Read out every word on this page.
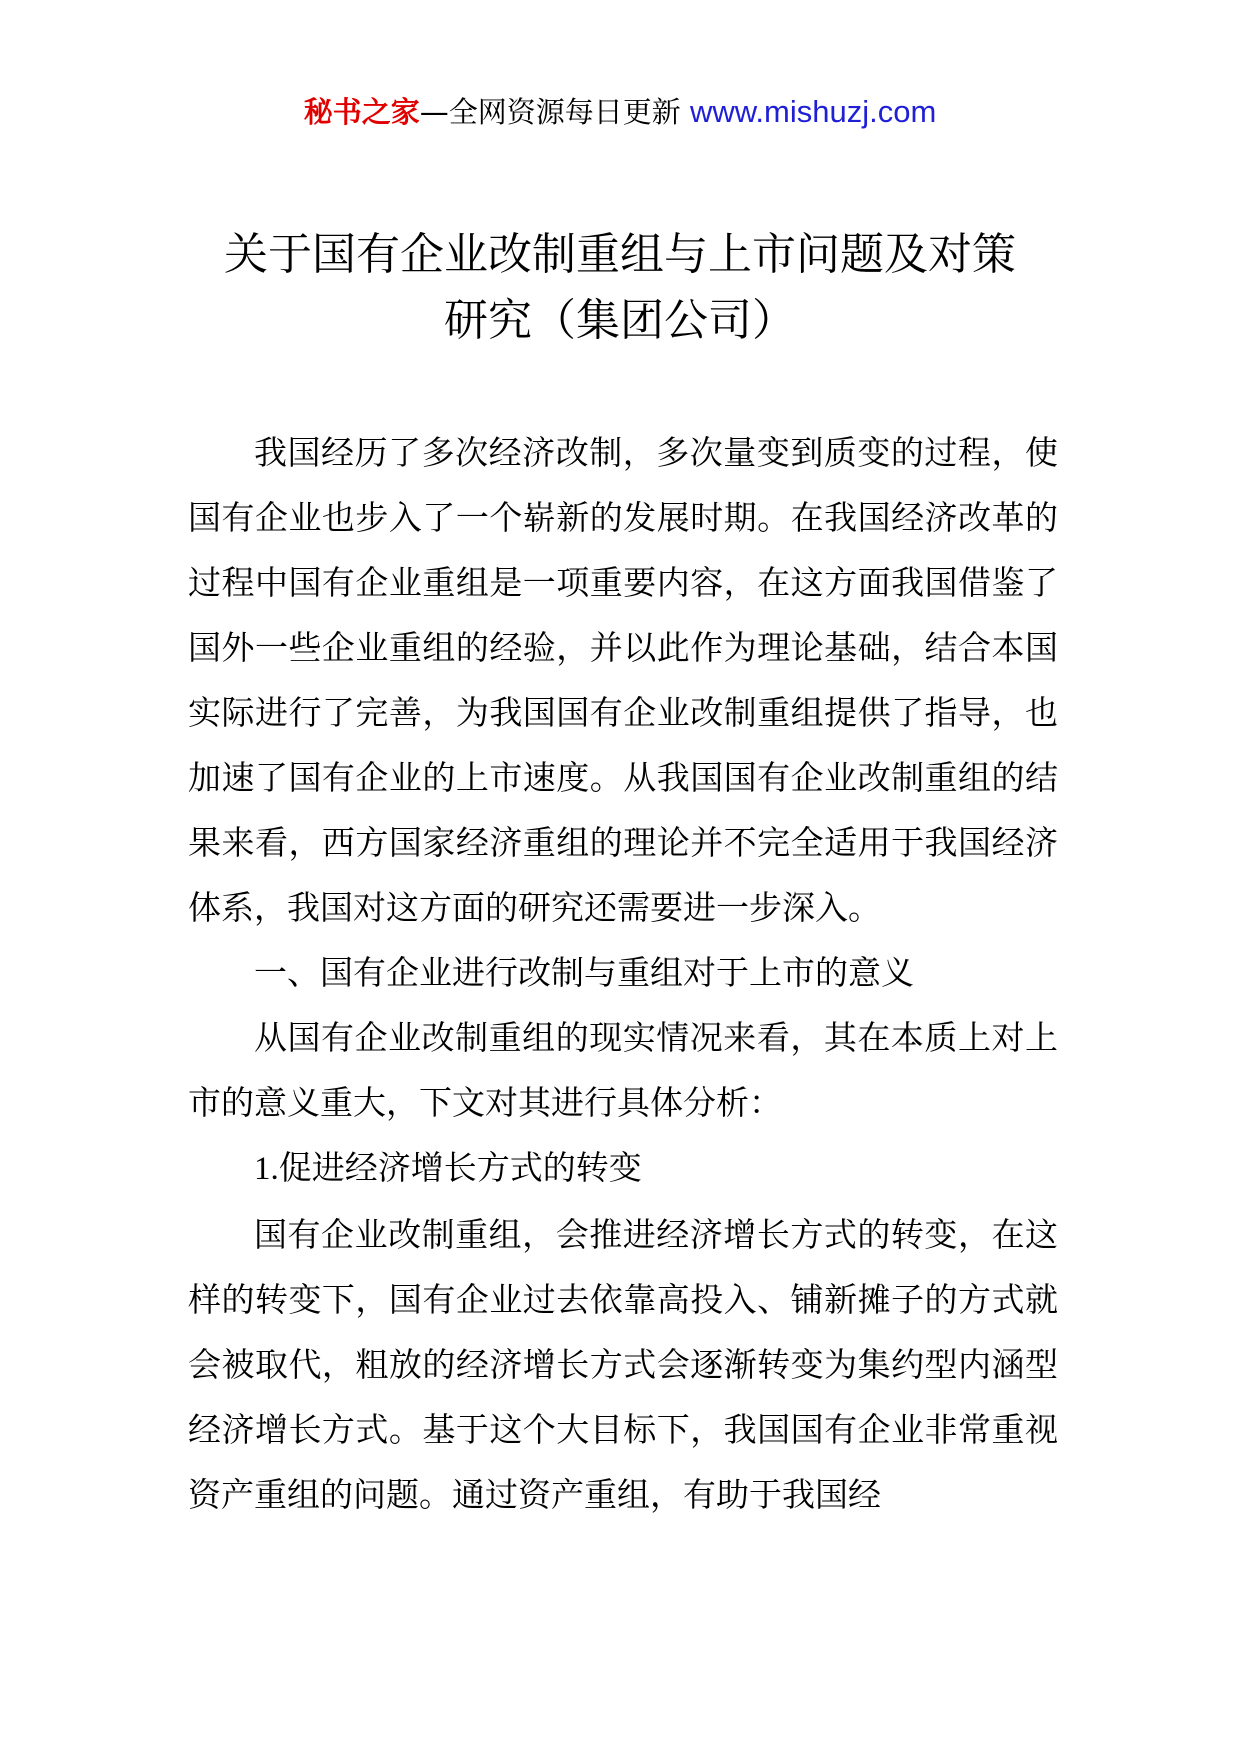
秘书之家—全网资源每日更新 www.mishuzj.com
关于国有企业改制重组与上市问题及对策
研究（集团公司）

我国经历了多次经济改制，多次量变到质变的过程，使国有企业也步入了一个崭新的发展时期。在我国经济改革的过程中国有企业重组是一项重要内容，在这方面我国借鉴了国外一些企业重组的经验，并以此作为理论基础，结合本国实际进行了完善，为我国国有企业改制重组提供了指导，也加速了国有企业的上市速度。从我国国有企业改制重组的结果来看，西方国家经济重组的理论并不完全适用于我国经济体系，我国对这方面的研究还需要进一步深入。

一、国有企业进行改制与重组对于上市的意义

从国有企业改制重组的现实情况来看，其在本质上对上市的意义重大，下文对其进行具体分析：

1.促进经济增长方式的转变

国有企业改制重组，会推进经济增长方式的转变，在这样的转变下，国有企业过去依靠高投入、铺新摊子的方式就会被取代，粗放的经济增长方式会逐渐转变为集约型内涵型经济增长方式。基于这个大目标下，我国国有企业非常重视资产重组的问题。通过资产重组，有助于我国经
